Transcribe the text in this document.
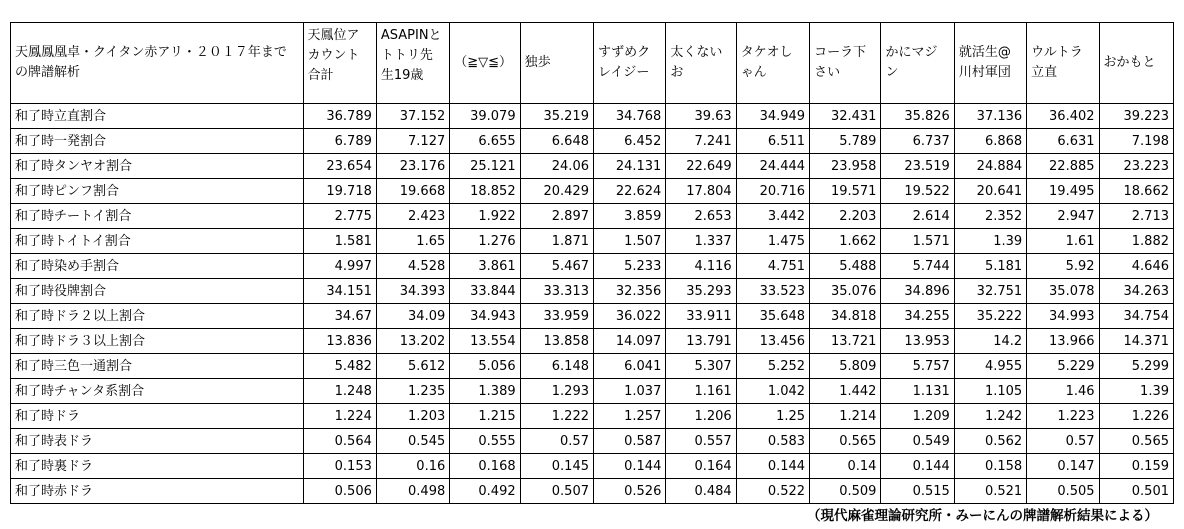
天鳳鳳凰卓・クイタン赤アリ・２０１７年までの牌譜解析	天鳳位アカウント合計	ASAPINとトトリ先生19歳	（≧▽≦）	独歩	すずめクレイジー	太くないお	タケオしゃん	コーラ下さい	かにマジン	就活生@川村軍団	ウルトラ立直	おかもと
和了時立直割合	36.789	37.152	39.079	35.219	34.768	39.63	34.949	32.431	35.826	37.136	36.402	39.223
和了時一発割合	6.789	7.127	6.655	6.648	6.452	7.241	6.511	5.789	6.737	6.868	6.631	7.198
和了時タンヤオ割合	23.654	23.176	25.121	24.06	24.131	22.649	24.444	23.958	23.519	24.884	22.885	23.223
和了時ピンフ割合	19.718	19.668	18.852	20.429	22.624	17.804	20.716	19.571	19.522	20.641	19.495	18.662
和了時チートイ割合	2.775	2.423	1.922	2.897	3.859	2.653	3.442	2.203	2.614	2.352	2.947	2.713
和了時トイトイ割合	1.581	1.65	1.276	1.871	1.507	1.337	1.475	1.662	1.571	1.39	1.61	1.882
和了時染め手割合	4.997	4.528	3.861	5.467	5.233	4.116	4.751	5.488	5.744	5.181	5.92	4.646
和了時役牌割合	34.151	34.393	33.844	33.313	32.356	35.293	33.523	35.076	34.896	32.751	35.078	34.263
和了時ドラ２以上割合	34.67	34.09	34.943	33.959	36.022	33.911	35.648	34.818	34.255	35.222	34.993	34.754
和了時ドラ３以上割合	13.836	13.202	13.554	13.858	14.097	13.791	13.456	13.721	13.953	14.2	13.966	14.371
和了時三色一通割合	5.482	5.612	5.056	6.148	6.041	5.307	5.252	5.809	5.757	4.955	5.229	5.299
和了時チャンタ系割合	1.248	1.235	1.389	1.293	1.037	1.161	1.042	1.442	1.131	1.105	1.46	1.39
和了時ドラ	1.224	1.203	1.215	1.222	1.257	1.206	1.25	1.214	1.209	1.242	1.223	1.226
和了時表ドラ	0.564	0.545	0.555	0.57	0.587	0.557	0.583	0.565	0.549	0.562	0.57	0.565
和了時裏ドラ	0.153	0.16	0.168	0.145	0.144	0.164	0.144	0.14	0.144	0.158	0.147	0.159
和了時赤ドラ	0.506	0.498	0.492	0.507	0.526	0.484	0.522	0.509	0.515	0.521	0.505	0.501
（現代麻雀理論研究所・みーにんの牌譜解析結果による）
